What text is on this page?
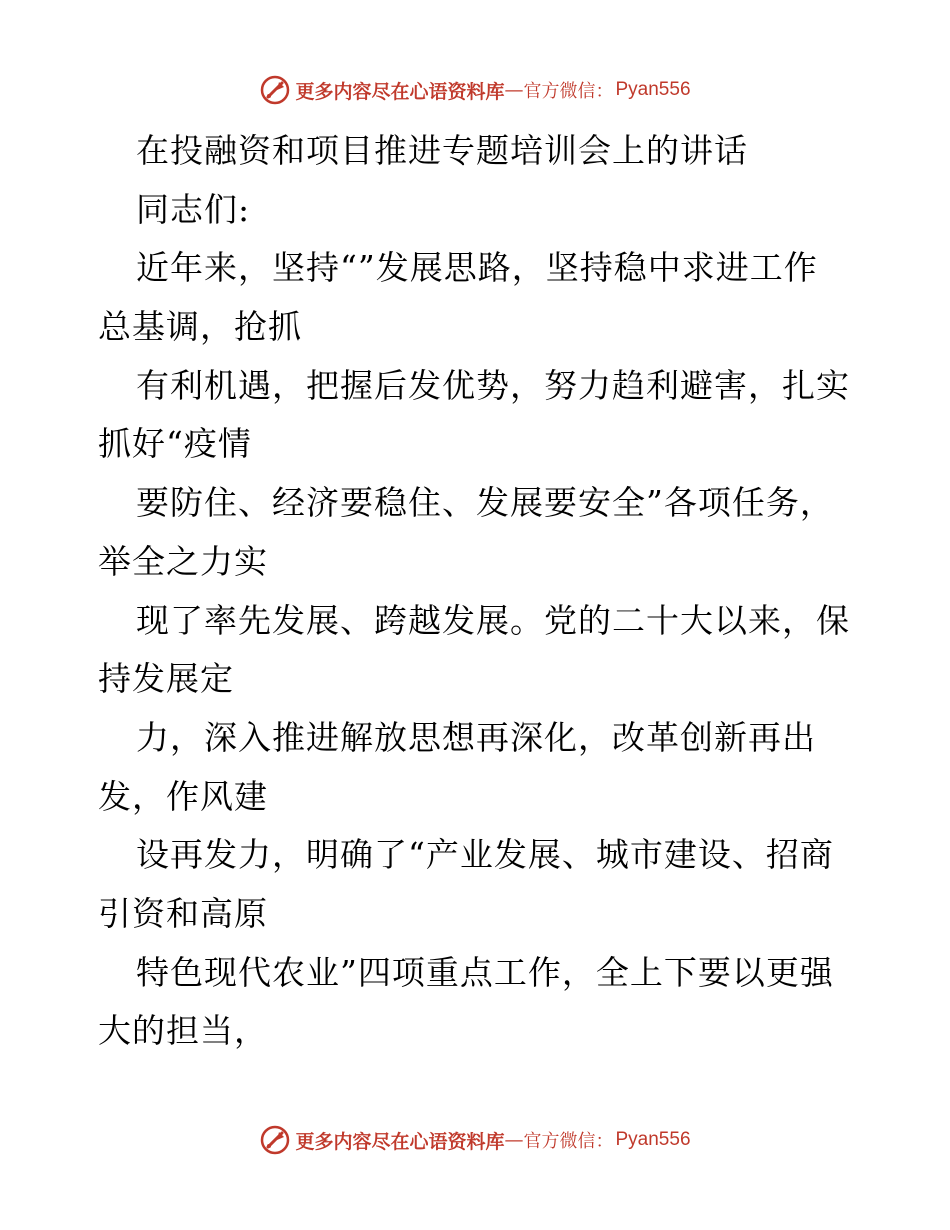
更多内容尽在心语资料库 — 官方微信： Pyan556
在投融资和项目推进专题培训会上的讲话
同志们:
近年来，坚持“”发展思路，坚持稳中求进工作
总基调，抢抓
有利机遇，把握后发优势，努力趋利避害，扎实
抓好“疫情
要防住、经济要稳住、发展要安全”各项任务，
举全之力实
现了率先发展、跨越发展。党的二十大以来，保
持发展定
力，深入推进解放思想再深化，改革创新再出
发，作风建
设再发力，明确了“产业发展、城市建设、招商
引资和高原
特色现代农业”四项重点工作，全上下要以更强
大的担当，
更多内容尽在心语资料库 — 官方微信： Pyan556
